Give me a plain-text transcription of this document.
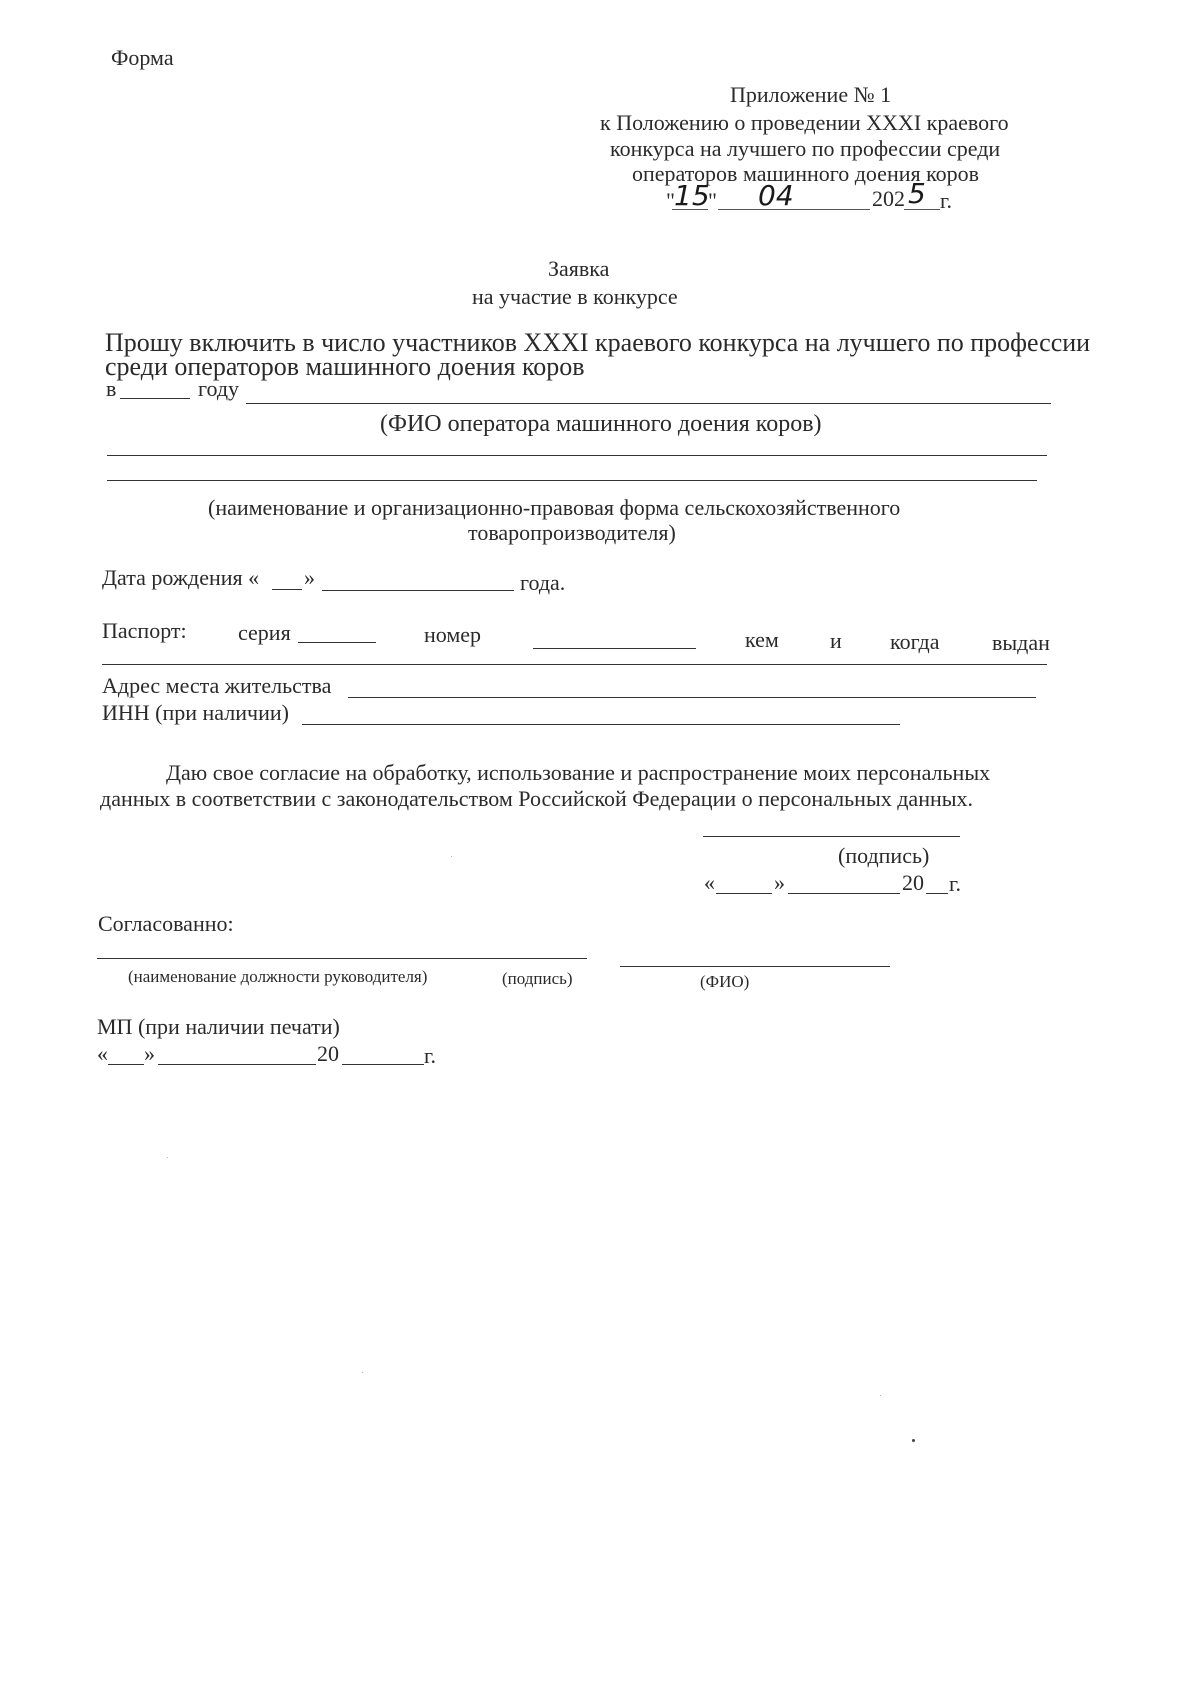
Форма
Приложение № 1
к Положению о проведении XXXI краевого
конкурса на лучшего по профессии среди
операторов машинного доения коров
" 15
" 04	202 5 г.
Заявка
на участие в конкурсе
Прошу включить в число участников XXXI краевого конкурса на лучшего по профессии
среди операторов машинного доения коров
в	году
(ФИО оператора машинного доения коров)
(наименование и организационно-правовая форма сельскохозяйственного
товаропроизводителя)
Дата рождения « »	года.
Паспорт: серия	номер	кем и когда выдан
Адрес места жительства
ИНН (при наличии)
Даю свое согласие на обработку, использование и распространение моих персональных
данных в соответствии с законодательством Российской Федерации о персональных данных.
(подпись)
«	»	20 г.
Согласованно:
(наименование должности руководителя)	(подпись)	(ФИО)
МП (при наличии печати)
« »	20	г.
